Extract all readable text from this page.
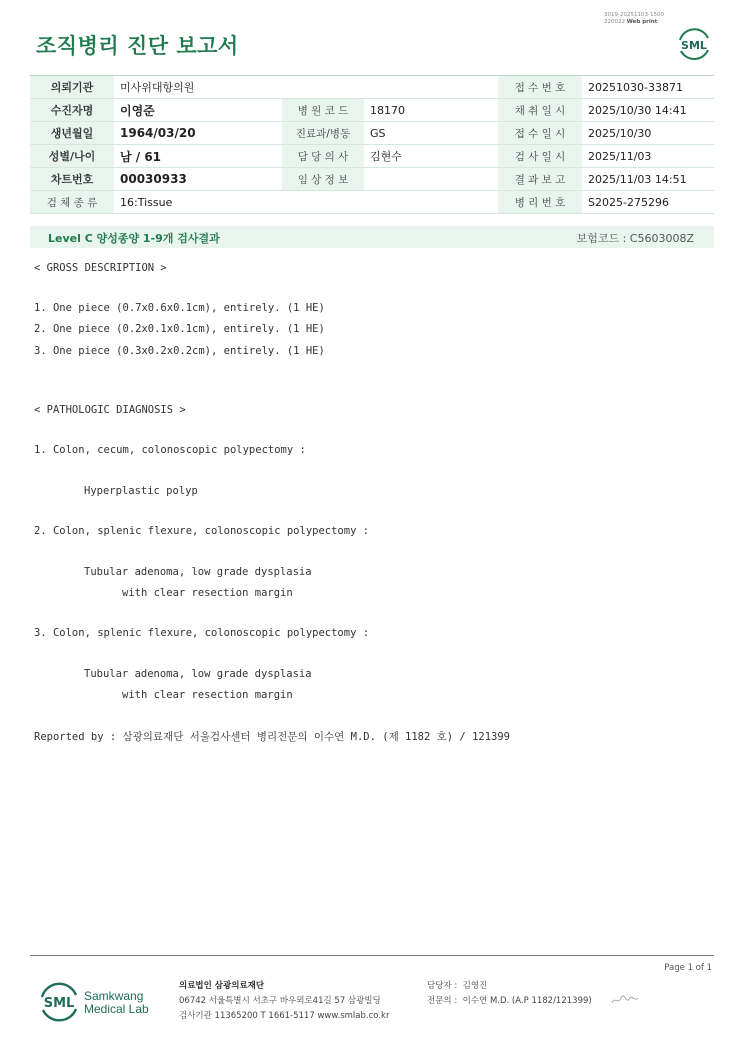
조직병리 진단 보고서
3019-20251103-1500
220022 Web print
SML
의뢰기관	미사위대항의원			접 수 번 호	20251030-33871
수진자명	이영준	병 원 코 드	18170	채 취 일 시	2025/10/30 14:41
생년월일	1964/03/20	진료과/병동	GS	접 수 일 시	2025/10/30
성별/나이	남 / 61	담 당 의 사	김현수	검 사 일 시	2025/11/03
차트번호	00030933	임 상 정 보		결 과 보 고	2025/11/03 14:51
검 체 종 류	16:Tissue			병 리 번 호	S2025-275296
Level C 양성종양 1-9개 검사결과	보험코드 : C5603008Z
< GROSS DESCRIPTION >
1. One piece (0.7x0.6x0.1cm), entirely. (1 HE)
2. One piece (0.2x0.1x0.1cm), entirely. (1 HE)
3. One piece (0.3x0.2x0.2cm), entirely. (1 HE)
< PATHOLOGIC DIAGNOSIS >
1. Colon, cecum, colonoscopic polypectomy :
Hyperplastic polyp
2. Colon, splenic flexure, colonoscopic polypectomy :
Tubular adenoma, low grade dysplasia
with clear resection margin
3. Colon, splenic flexure, colonoscopic polypectomy :
Tubular adenoma, low grade dysplasia
with clear resection margin
Reported by : 삼광의료재단 서울검사센터 병리전문의 이수연 M.D. (제 1182 호) / 121399
Page 1 of 1
SML Samkwang
Medical Lab
의료법인 삼광의료재단
06742 서울특별시 서초구 바우뫼로41길 57 삼광빌딩
검사기관 11365200 T 1661-5117 www.smlab.co.kr
담당자 : 김영진
전문의 : 이수연 M.D. (A.P 1182/121399)
